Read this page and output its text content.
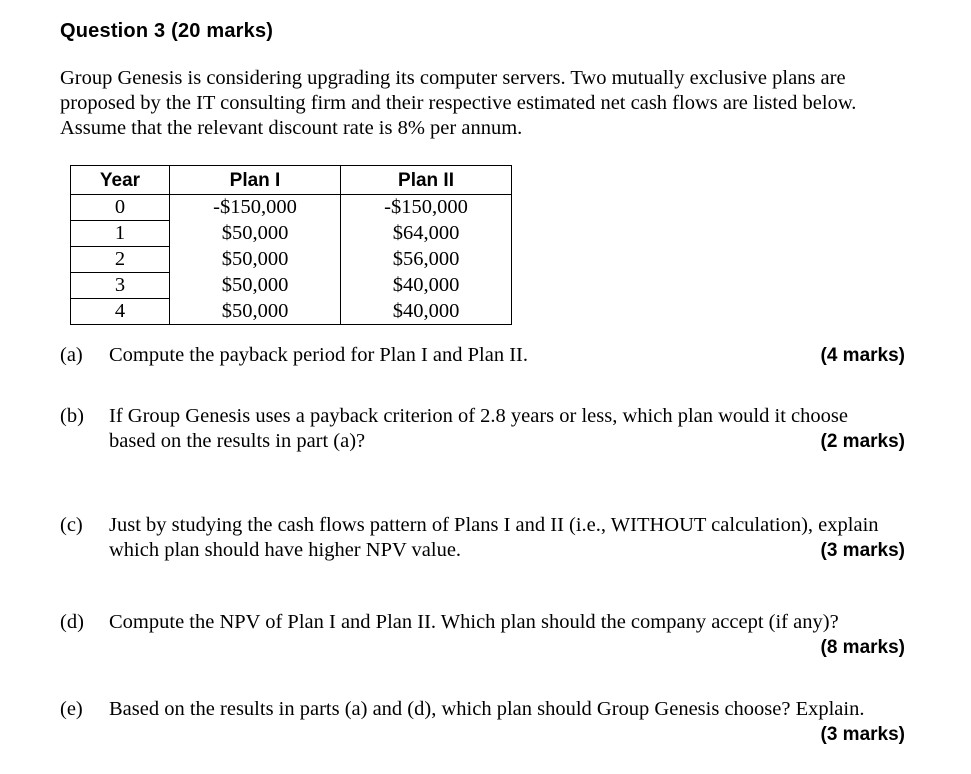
Question 3 (20 marks)
Group Genesis is considering upgrading its computer servers. Two mutually exclusive plans are
proposed by the IT consulting firm and their respective estimated net cash flows are listed below.
Assume that the relevant discount rate is 8% per annum.
Year	Plan I	Plan II
0	-$150,000	-$150,000
1	$50,000	$64,000
2	$50,000	$56,000
3	$50,000	$40,000
4	$50,000	$40,000
(a) Compute the payback period for Plan I and Plan II.	(4 marks)
(b) If Group Genesis uses a payback criterion of 2.8 years or less, which plan would it choose
based on the results in part (a)?	(2 marks)
(c) Just by studying the cash flows pattern of Plans I and II (i.e., WITHOUT calculation), explain
which plan should have higher NPV value.	(3 marks)
(d) Compute the NPV of Plan I and Plan II. Which plan should the company accept (if any)?
(8 marks)
(e) Based on the results in parts (a) and (d), which plan should Group Genesis choose? Explain.
(3 marks)
